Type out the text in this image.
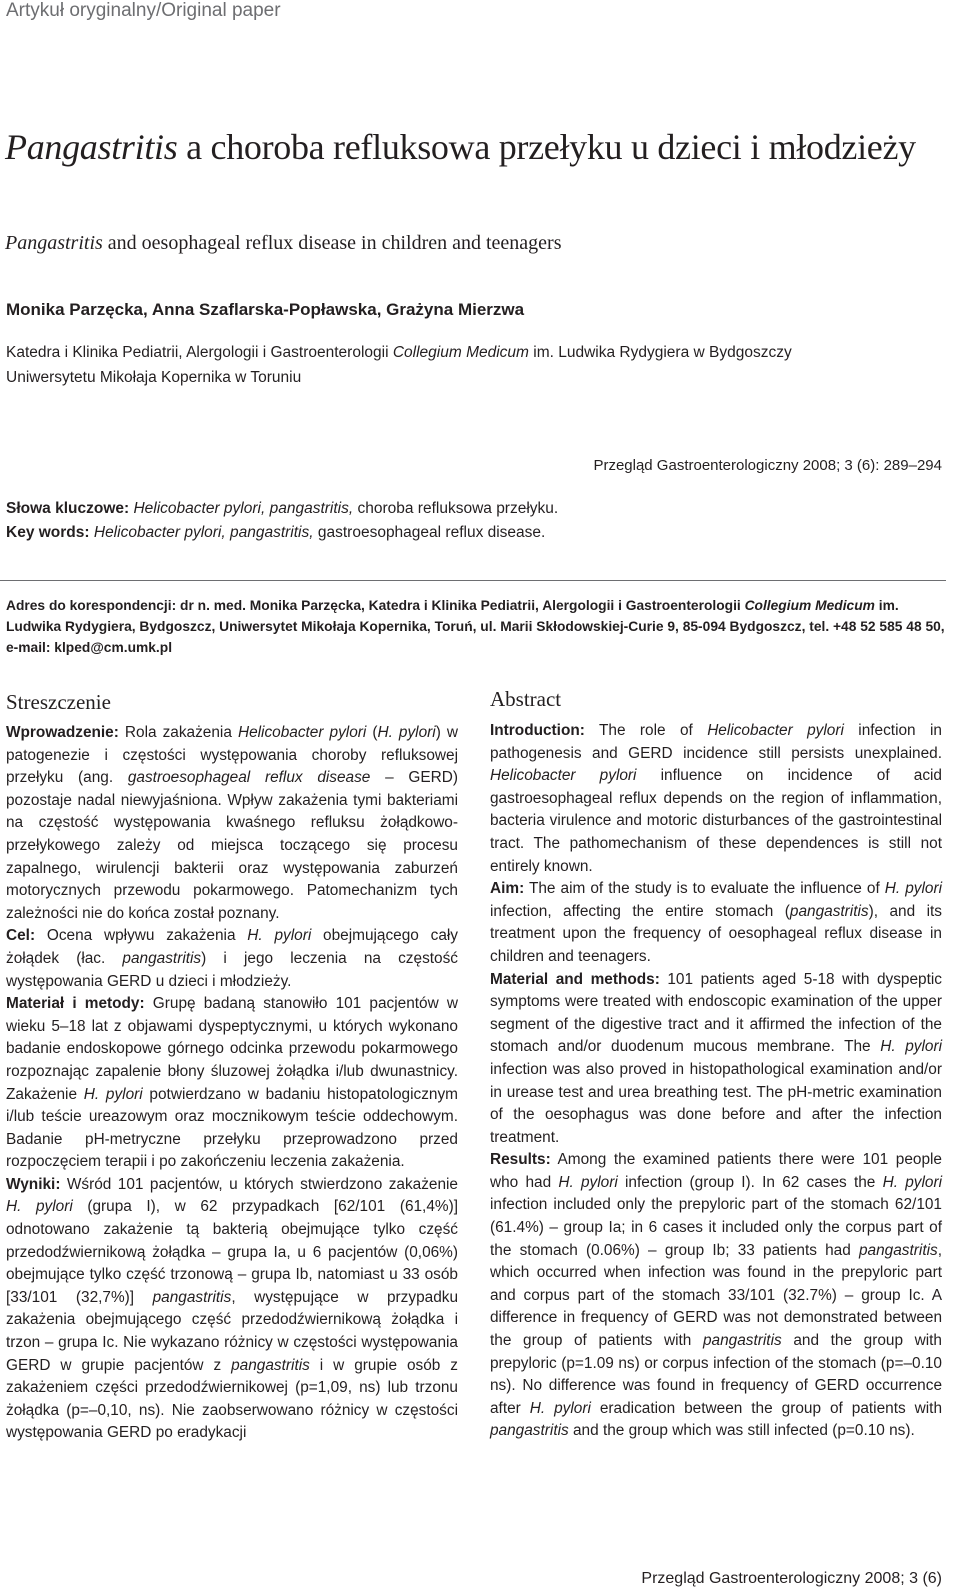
Artykuł oryginalny/Original paper
Pangastritis a choroba refluksowa przełyku u dzieci i młodzieży
Pangastritis and oesophageal reflux disease in children and teenagers
Monika Parzęcka, Anna Szaflarska-Popławska, Grażyna Mierzwa
Katedra i Klinika Pediatrii, Alergologii i Gastroenterologii Collegium Medicum im. Ludwika Rydygiera w Bydgoszczy
Uniwersytetu Mikołaja Kopernika w Toruniu
Przegląd Gastroenterologiczny 2008; 3 (6): 289–294
Słowa kluczowe: Helicobacter pylori, pangastritis, choroba refluksowa przełyku.
Key words: Helicobacter pylori, pangastritis, gastroesophageal reflux disease.
Adres do korespondencji: dr n. med. Monika Parzęcka, Katedra i Klinika Pediatrii, Alergologii i Gastroenterologii Collegium Medicum im. Ludwika Rydygiera, Bydgoszcz, Uniwersytet Mikołaja Kopernika, Toruń, ul. Marii Skłodowskiej-Curie 9, 85-094 Bydgoszcz, tel. +48 52 585 48 50, e-mail: klped@cm.umk.pl
Streszczenie	Abstract

Wprowadzenie: Rola zakażenia Helicobacter pylori (H. pylori) w patogenezie i częstości występowania choroby refluksowej przełyku (ang. gastroesophageal reflux disease – GERD) pozostaje nadal niewyjaśniona. Wpływ zakażenia tymi bakteriami na częstość występowania kwaśnego refluksu żołądkowo-przełykowego zależy od miejsca toczącego się procesu zapalnego, wirulencji bakterii oraz występowania zaburzeń motorycznych przewodu pokarmowego. Patomechanizm tych zależności nie do końca został poznany.

Cel: Ocena wpływu zakażenia H. pylori obejmującego cały żołądek (łac. pangastritis) i jego leczenia na częstość występowania GERD u dzieci i młodzieży.

Materiał i metody: Grupę badaną stanowiło 101 pacjentów w wieku 5–18 lat z objawami dyspeptycznymi, u których wykonano badanie endoskopowe górnego odcinka przewodu pokarmowego rozpoznając zapalenie błony śluzowej żołądka i/lub dwunastnicy. Zakażenie H. pylori potwierdzano w badaniu histopatologicznym i/lub teście ureazowym oraz mocznikowym teście oddechowym. Badanie pH-metryczne przełyku przeprowadzono przed rozpoczęciem terapii i po zakończeniu leczenia zakażenia.

Wyniki: Wśród 101 pacjentów, u których stwierdzono zakażenie H. pylori (grupa I), w 62 przypadkach [62/101 (61,4%)] odnotowano zakażenie tą bakterią obejmujące tylko część przedodźwiernikową żołądka – grupa Ia, u 6 pacjentów (0,06%) obejmujące tylko część trzonową – grupa Ib, natomiast u 33 osób [33/101 (32,7%)] pangastritis, występujące w przypadku zakażenia obejmującego część przedodźwiernikową żołądka i trzon – grupa Ic. Nie wykazano różnicy w częstości występowania GERD w grupie pacjentów z pangastritis i w grupie osób z zakażeniem części przedodźwiernikowej (p=1,09, ns) lub trzonu żołądka (p=–0,10, ns). Nie zaobserwowano różnicy w częstości występowania GERD po eradykacji

Introduction: The role of Helicobacter pylori infection in pathogenesis and GERD incidence still persists unexplained. Helicobacter pylori influence on incidence of acid gastroesophageal reflux depends on the region of inflammation, bacteria virulence and motoric disturbances of the gastrointestinal tract. The pathomechanism of these dependences is still not entirely known.

Aim: The aim of the study is to evaluate the influence of H. pylori infection, affecting the entire stomach (pangastritis), and its treatment upon the frequency of oesophageal reflux disease in children and teenagers.

Material and methods: 101 patients aged 5-18 with dyspeptic symptoms were treated with endoscopic examination of the upper segment of the digestive tract and it affirmed the infection of the stomach and/or duodenum mucous membrane. The H. pylori infection was also proved in histopathological examination and/or in urease test and urea breathing test. The pH-metric examination of the oesophagus was done before and after the infection treatment.

Results: Among the examined patients there were 101 people who had H. pylori infection (group I). In 62 cases the H. pylori infection included only the prepyloric part of the stomach 62/101 (61.4%) – group Ia; in 6 cases it included only the corpus part of the stomach (0.06%) – group Ib; 33 patients had pangastritis, which occurred when infection was found in the prepyloric part and corpus part of the stomach 33/101 (32.7%) – group Ic. A difference in frequency of GERD was not demonstrated between the group of patients with pangastritis and the group with prepyloric (p=1.09 ns) or corpus infection of the stomach (p=–0.10 ns). No difference was found in frequency of GERD occurrence after H. pylori eradication between the group of patients with pangastritis and the group which was still infected (p=0.10 ns).

Przegląd Gastroenterologiczny 2008; 3 (6)
